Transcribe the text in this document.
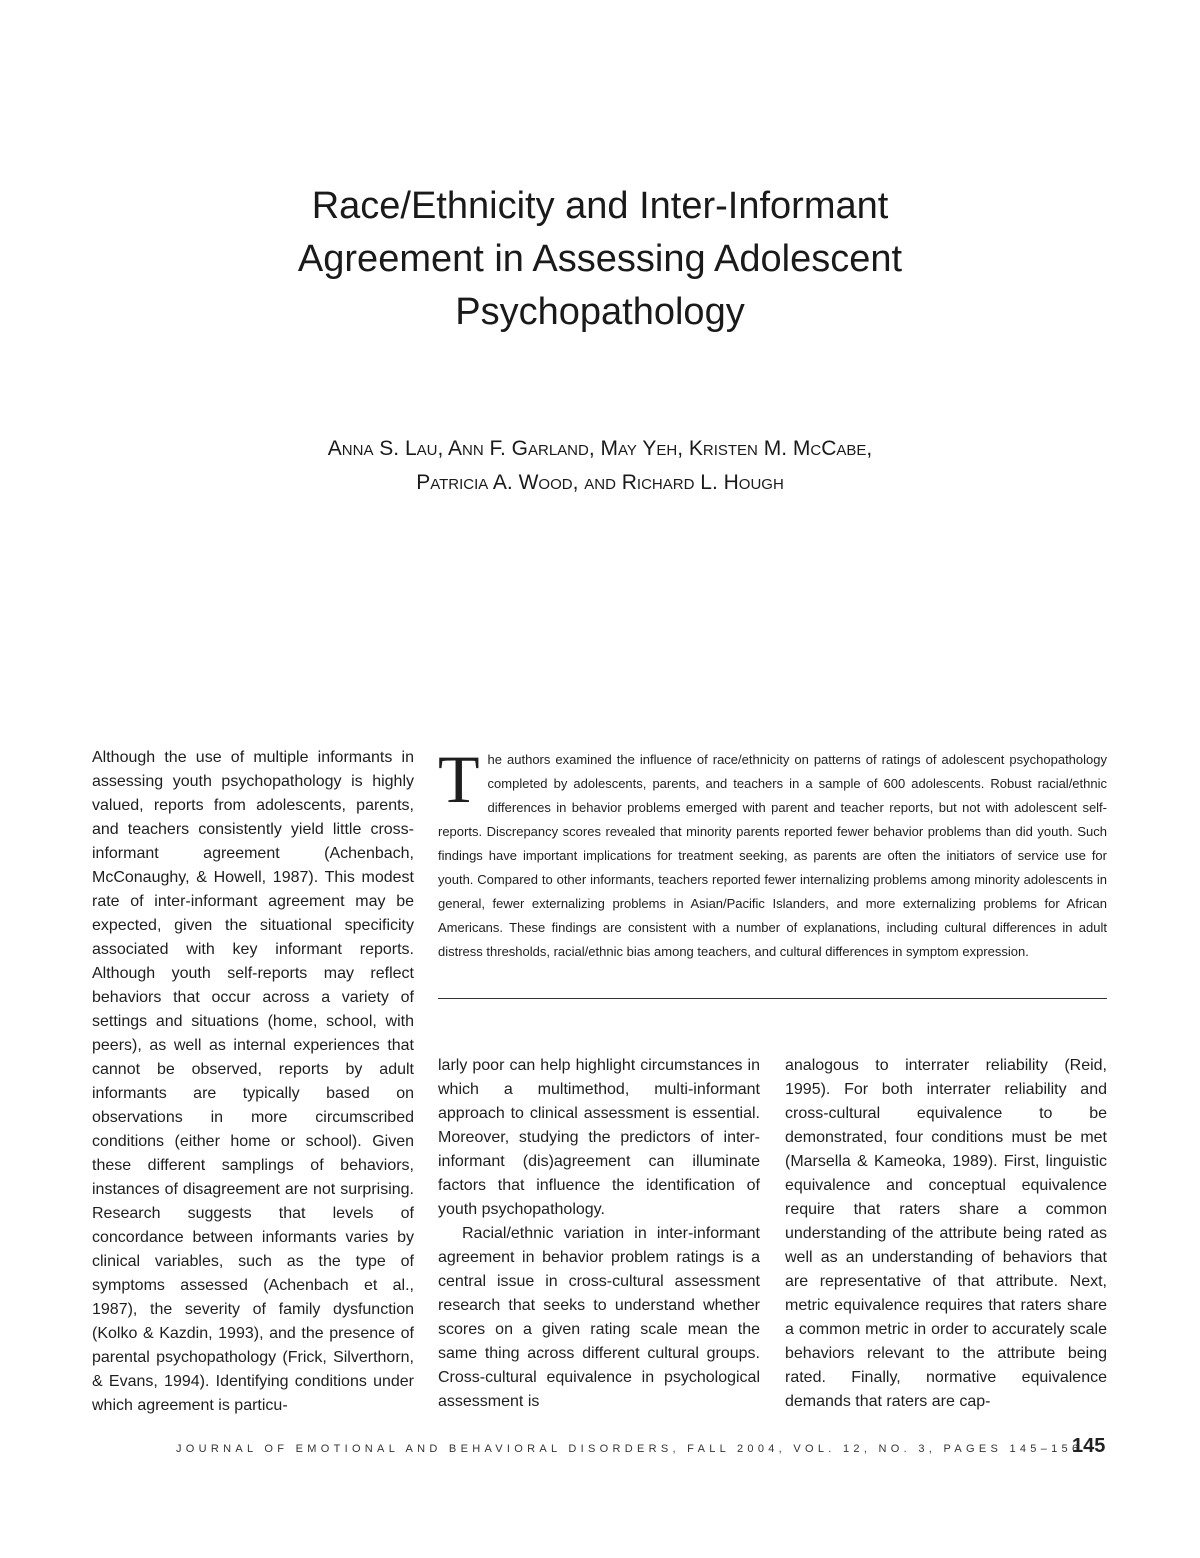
Race/Ethnicity and Inter-Informant
Agreement in Assessing Adolescent
Psychopathology
Anna S. Lau, Ann F. Garland, May Yeh, Kristen M. McCabe,
Patricia A. Wood, and Richard L. Hough

Although the use of multiple informants in assessing youth psychopathology is highly valued, reports from adolescents, parents, and teachers consistently yield little cross-informant agreement (Achenbach, McConaughy, & Howell, 1987). This modest rate of inter-informant agreement may be expected, given the situational specificity associated with key informant reports. Although youth self-reports may reflect behaviors that occur across a variety of settings and situations (home, school, with peers), as well as internal experiences that cannot be observed, reports by adult informants are typically based on observations in more circumscribed conditions (either home or school). Given these different samplings of behaviors, instances of disagreement are not surprising. Research suggests that levels of concordance between informants varies by clinical variables, such as the type of symptoms assessed (Achenbach et al., 1987), the severity of family dysfunction (Kolko & Kazdin, 1993), and the presence of parental psychopathology (Frick, Silverthorn, & Evans, 1994). Identifying conditions under which agreement is particu-

T he authors examined the influence of race/ethnicity on patterns of ratings of adolescent psychopathology completed by adolescents, parents, and teachers in a sample of 600 adolescents. Robust racial/ethnic differences in behavior problems emerged with parent and teacher reports, but not with adolescent self-reports. Discrepancy scores revealed that minority parents reported fewer behavior problems than did youth. Such findings have important implications for treatment seeking, as parents are often the initiators of service use for youth. Compared to other informants, teachers reported fewer internalizing problems among minority adolescents in general, fewer externalizing problems in Asian/Pacific Islanders, and more externalizing problems for African Americans. These findings are consistent with a number of explanations, including cultural differences in adult distress thresholds, racial/ethnic bias among teachers, and cultural differences in symptom expression.

larly poor can help highlight circumstances in which a multimethod, multi-informant approach to clinical assessment is essential. Moreover, studying the predictors of inter-informant (dis)agreement can illuminate factors that influence the identification of youth psychopathology.

Racial/ethnic variation in inter-informant agreement in behavior problem ratings is a central issue in cross-cultural assessment research that seeks to understand whether scores on a given rating scale mean the same thing across different cultural groups. Cross-cultural equivalence in psychological assessment is

analogous to interrater reliability (Reid, 1995). For both interrater reliability and cross-cultural equivalence to be demonstrated, four conditions must be met (Marsella & Kameoka, 1989). First, linguistic equivalence and conceptual equivalence require that raters share a common understanding of the attribute being rated as well as an understanding of behaviors that are representative of that attribute. Next, metric equivalence requires that raters share a common metric in order to accurately scale behaviors relevant to the attribute being rated. Finally, normative equivalence demands that raters are cap-

JOURNAL OF EMOTIONAL AND BEHAVIORAL DISORDERS, FALL 2004, VOL. 12, NO. 3, PAGES 145–156
145
